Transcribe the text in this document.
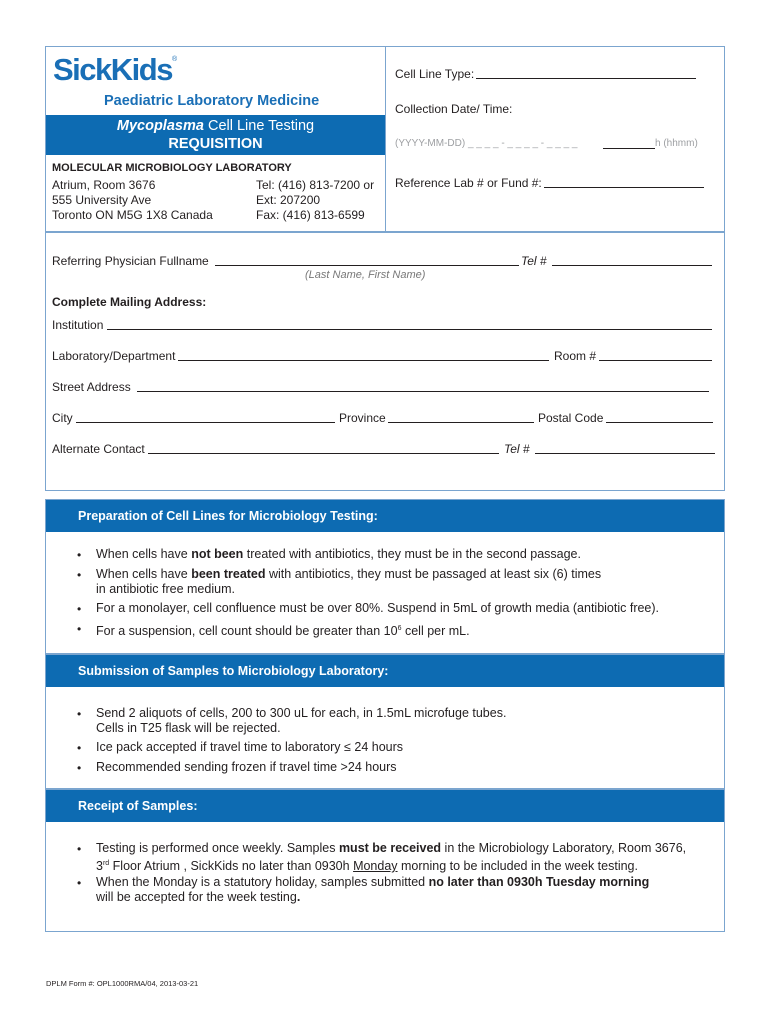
SickKids®
Paediatric Laboratory Medicine
Mycoplasma Cell Line Testing
REQUISITION
MOLECULAR MICROBIOLOGY LABORATORY
Atrium, Room 3676
555 University Ave
Toronto ON M5G 1X8 Canada
Tel: (416) 813-7200 or
Ext: 207200
Fax: (416) 813-6599
Cell Line Type:
Collection Date/ Time:
(YYYY-MM-DD) _ _ _ _ - _ _ _ _ - _ _ _ _	h (hhmm)
Reference Lab # or Fund #:
Referring Physician Fullname	Tel #
(Last Name, First Name)
Complete Mailing Address:
Institution
Laboratory/Department	Room #
Street Address
City	Province	Postal Code
Alternate Contact	Tel #
Preparation of Cell Lines for Microbiology Testing:
• When cells have not been treated with antibiotics, they must be in the second passage.
• When cells have been treated with antibiotics, they must be passaged at least six (6) times
in antibiotic free medium.
• For a monolayer, cell confluence must be over 80%. Suspend in 5mL of growth media (antibiotic free).
• For a suspension, cell count should be greater than $10^6$ cell per mL.
Submission of Samples to Microbiology Laboratory:
• Send 2 aliquots of cells, 200 to 300 uL for each, in 1.5mL microfuge tubes.
Cells in T25 flask will be rejected.
• Ice pack accepted if travel time to laboratory ≤ 24 hours
• Recommended sending frozen if travel time >24 hours
Receipt of Samples:
• Testing is performed once weekly. Samples must be received in the Microbiology Laboratory, Room 3676,
3rd Floor Atrium , SickKids no later than 0930h Monday morning to be included in the week testing.
• When the Monday is a statutory holiday, samples submitted no later than 0930h Tuesday morning
will be accepted for the week testing.
DPLM Form #: OPL1000RMA/04, 2013-03-21
